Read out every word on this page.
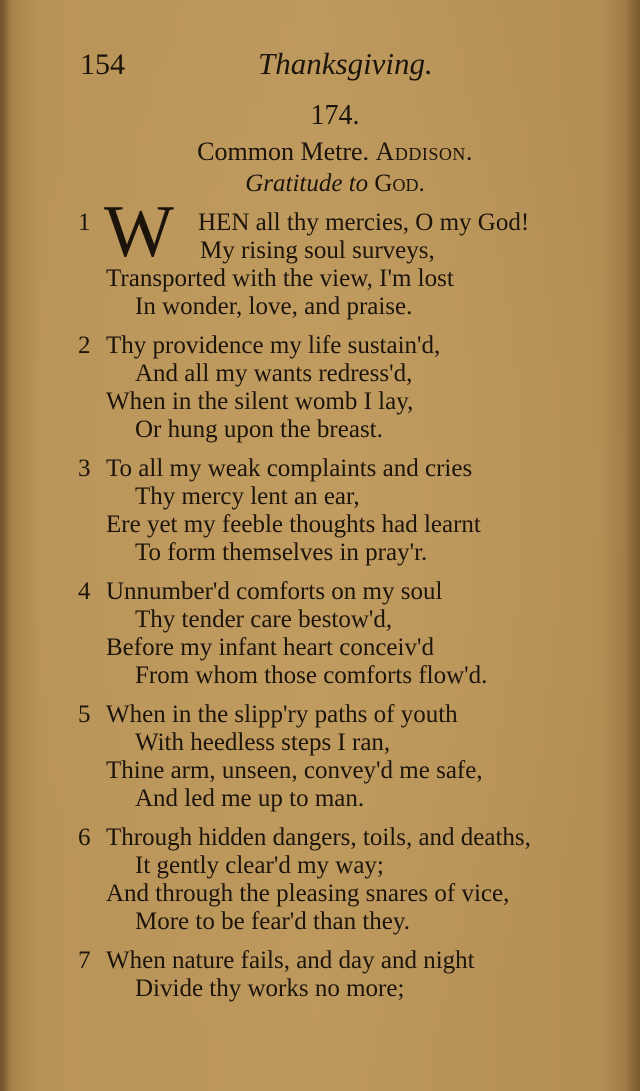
154	Thanksgiving.
174.
Common Metre. Addison.
Gratitude to God.
1 W HEN all thy mercies, O my God!
My rising soul surveys,
Transported with the view, I'm lost
In wonder, love, and praise.
2 Thy providence my life sustain'd,
And all my wants redress'd,
When in the silent womb I lay,
Or hung upon the breast.
3 To all my weak complaints and cries
Thy mercy lent an ear,
Ere yet my feeble thoughts had learnt
To form themselves in pray'r.
4 Unnumber'd comforts on my soul
Thy tender care bestow'd,
Before my infant heart conceiv'd
From whom those comforts flow'd.
5 When in the slipp'ry paths of youth
With heedless steps I ran,
Thine arm, unseen, convey'd me safe,
And led me up to man.
6 Through hidden dangers, toils, and deaths,
It gently clear'd my way;
And through the pleasing snares of vice,
More to be fear'd than they.
7 When nature fails, and day and night
Divide thy works no more;
